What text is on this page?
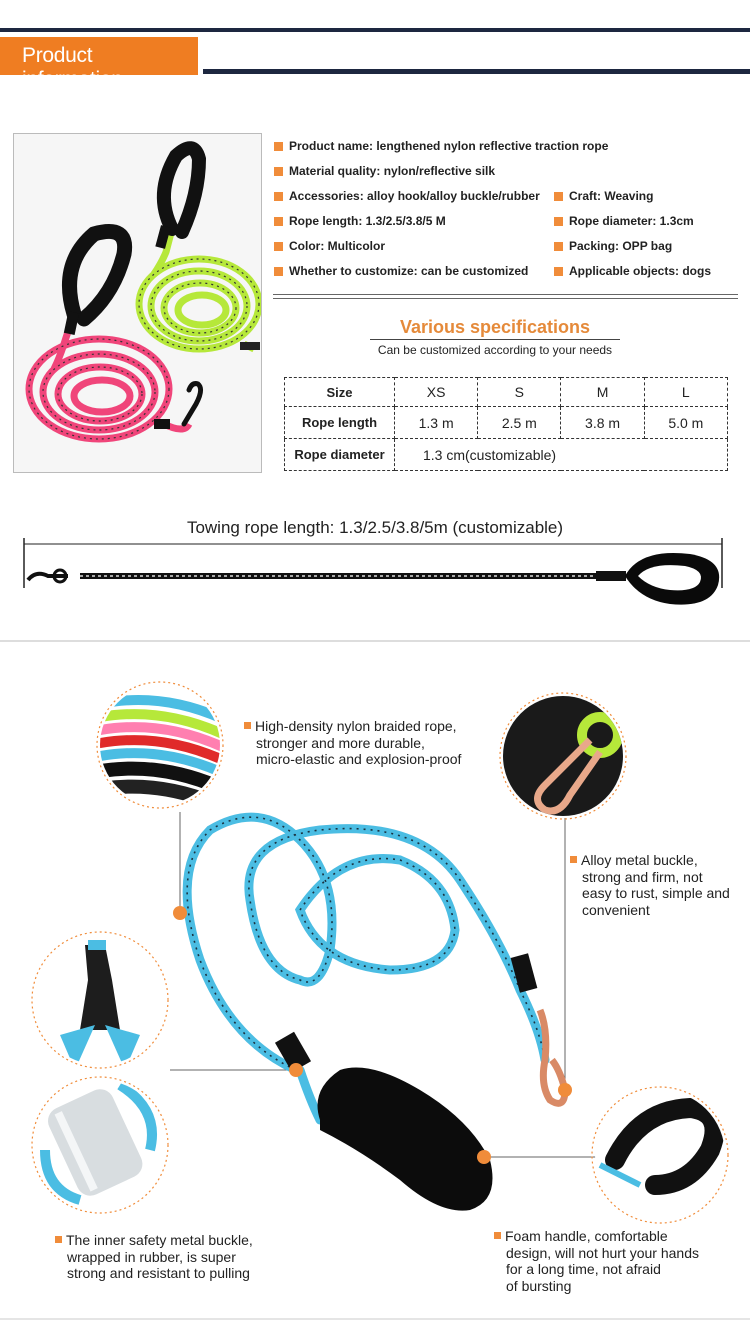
Product information
Product name: lengthened nylon reflective traction rope
Material quality: nylon/reflective silk
Accessories: alloy hook/alloy buckle/rubber	Craft: Weaving
Rope length: 1.3/2.5/3.8/5 M	Rope diameter: 1.3cm
Color: Multicolor	Packing: OPP bag
Whether to customize: can be customized	Applicable objects: dogs
Various specifications
Can be customized according to your needs
Size	XS	S	M	L
Rope length	1.3 m	2.5 m	3.8 m	5.0 m
Rope diameter	1.3 cm(customizable)			
Towing rope length: 1.3/2.5/3.8/5m (customizable)
High-density nylon braided rope,
stronger and more durable,
micro-elastic and explosion-proof
Alloy metal buckle,
strong and firm, not
easy to rust, simple and
convenient
The inner safety metal buckle,
wrapped in rubber, is super
strong and resistant to pulling
Foam handle, comfortable
design, will not hurt your hands
for a long time, not afraid
of bursting
